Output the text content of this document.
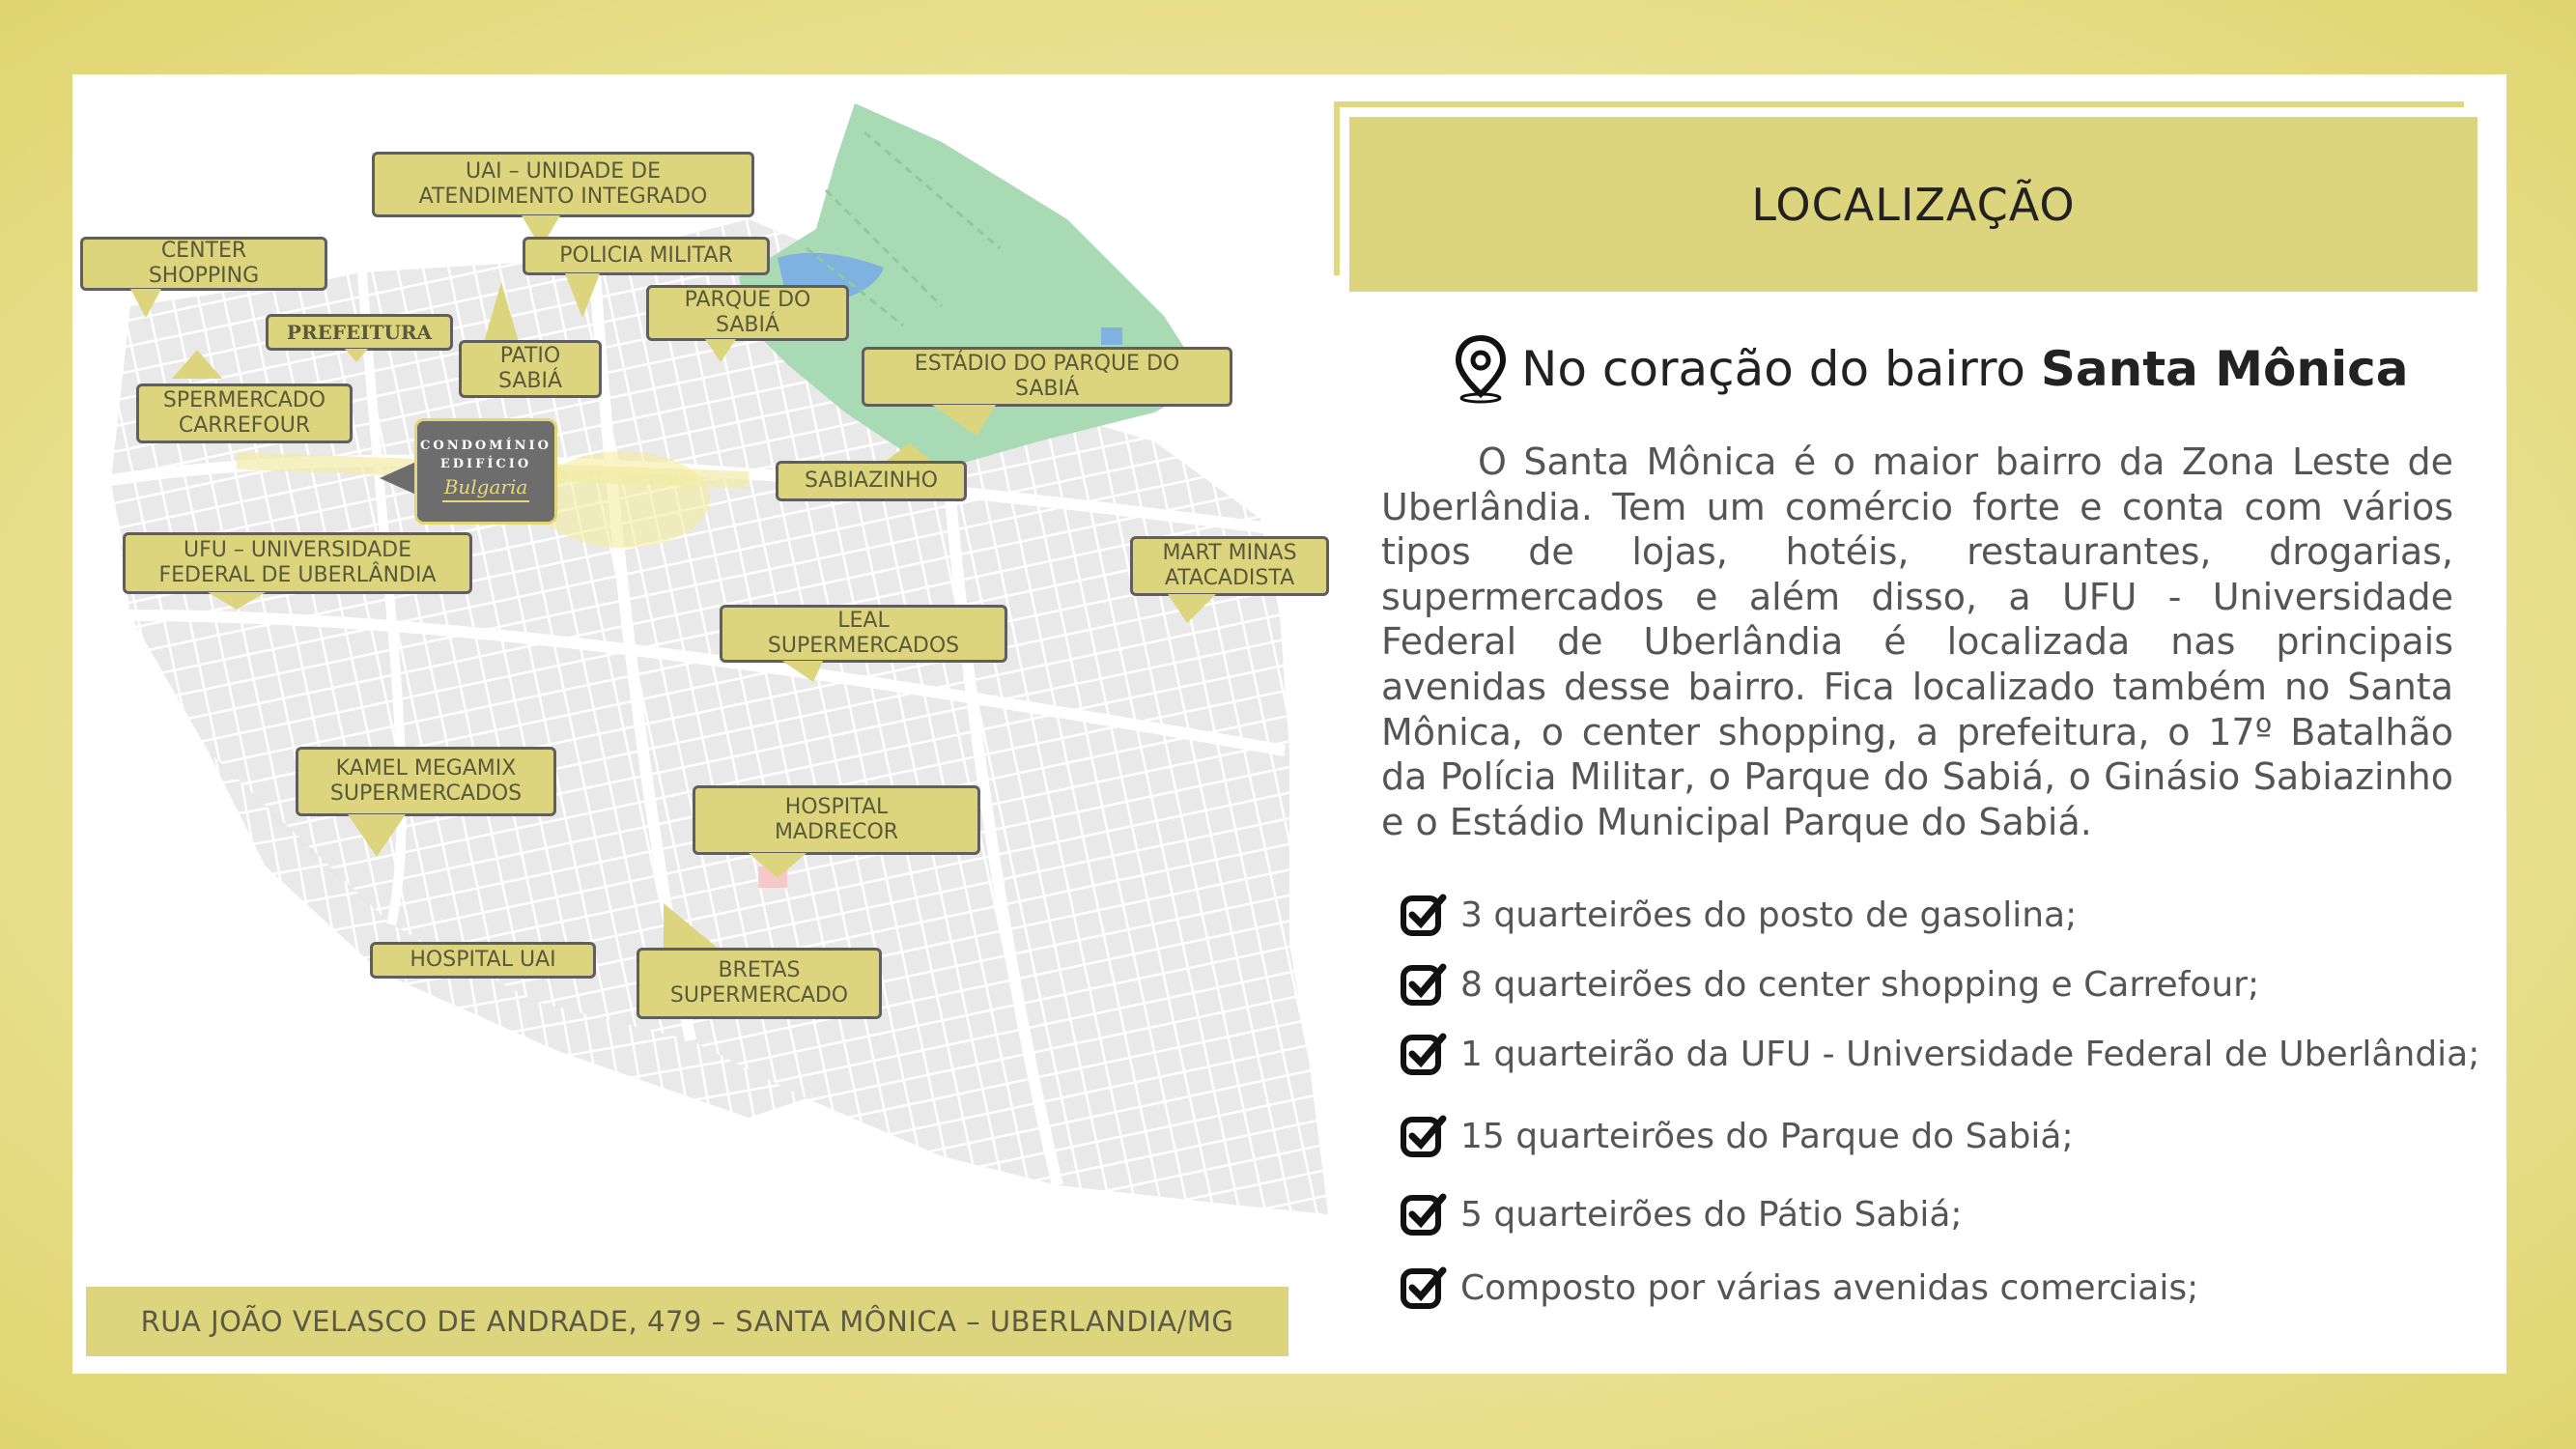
UAI – UNIDADE DE
ATENDIMENTO INTEGRADO
CENTER
SHOPPING
POLICIA MILITAR
PARQUE DO
SABIÁ
PREFEITURA
PATIO
SABIÁ
ESTÁDIO DO PARQUE DO
SABIÁ
SPERMERCADO
CARREFOUR
SABIAZINHO
UFU – UNIVERSIDADE
FEDERAL DE UBERLÂNDIA
MART MINAS
ATACADISTA
LEAL
SUPERMERCADOS
KAMEL MEGAMIX
SUPERMERCADOS
HOSPITAL
MADRECOR
HOSPITAL UAI	BRETAS
SUPERMERCADO
CONDOMÍNIO
EDIFÍCIO
Bulgaria
RUA JOÃO VELASCO DE ANDRADE, 479 – SANTA MÔNICA – UBERLANDIA/MG
LOCALIZAÇÃO
No coração do bairro Santa Mônica
O Santa Mônica é o maior bairro da Zona Leste de Uberlândia. Tem um comércio forte e conta com vários tipos de lojas, hotéis, restaurantes, drogarias, supermercados e além disso, a UFU - Universidade Federal de Uberlândia é localizada nas principais avenidas desse bairro. Fica localizado também no Santa Mônica, o center shopping, a prefeitura, o 17º Batalhão da Polícia Militar, o Parque do Sabiá, o Ginásio Sabiazinho e o Estádio Municipal Parque do Sabiá.
3 quarteirões do posto de gasolina;
8 quarteirões do center shopping e Carrefour;
1 quarteirão da UFU - Universidade Federal de Uberlândia;
15 quarteirões do Parque do Sabiá;
5 quarteirões do Pátio Sabiá;
Composto por várias avenidas comerciais;
